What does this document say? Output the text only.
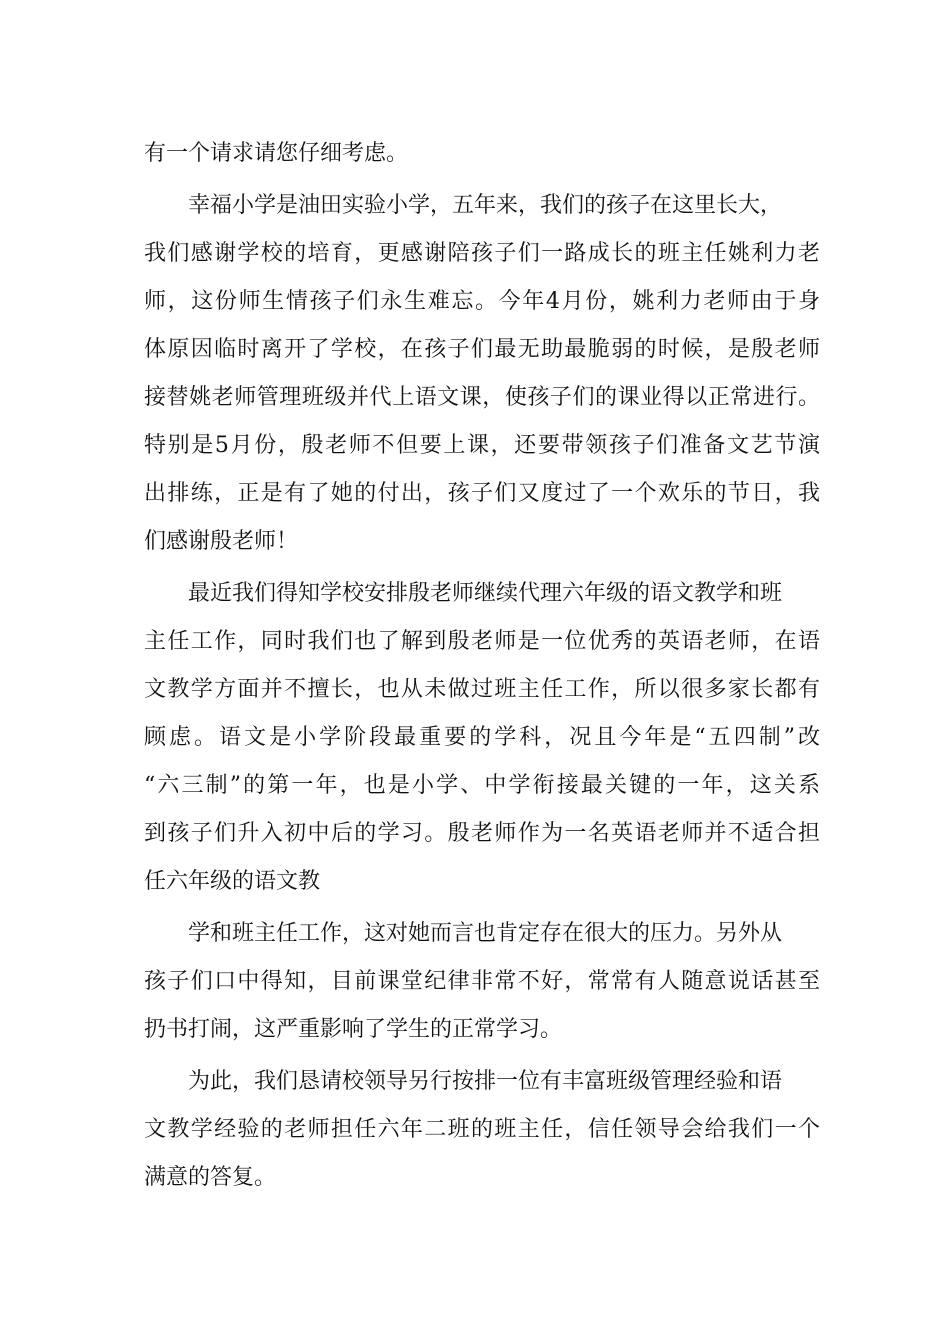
有一个请求请您仔细考虑。
幸福小学是油田实验小学，五年来，我们的孩子在这里长大，
我们感谢学校的培育，更感谢陪孩子们一路成长的班主任姚利力老
师，这份师生情孩子们永生难忘。今年4月份，姚利力老师由于身
体原因临时离开了学校，在孩子们最无助最脆弱的时候，是殷老师
接替姚老师管理班级并代上语文课，使孩子们的课业得以正常进行。
特别是5月份，殷老师不但要上课，还要带领孩子们准备文艺节演
出排练，正是有了她的付出，孩子们又度过了一个欢乐的节日，我
们感谢殷老师！
最近我们得知学校安排殷老师继续代理六年级的语文教学和班
主任工作，同时我们也了解到殷老师是一位优秀的英语老师，在语
文教学方面并不擅长，也从未做过班主任工作，所以很多家长都有
顾虑。语文是小学阶段最重要的学科，况且今年是“五四制”改
“六三制”的第一年，也是小学、中学衔接最关键的一年，这关系
到孩子们升入初中后的学习。殷老师作为一名英语老师并不适合担
任六年级的语文教
学和班主任工作，这对她而言也肯定存在很大的压力。另外从
孩子们口中得知，目前课堂纪律非常不好，常常有人随意说话甚至
扔书打闹，这严重影响了学生的正常学习。
为此，我们恳请校领导另行按排一位有丰富班级管理经验和语
文教学经验的老师担任六年二班的班主任，信任领导会给我们一个
满意的答复。
